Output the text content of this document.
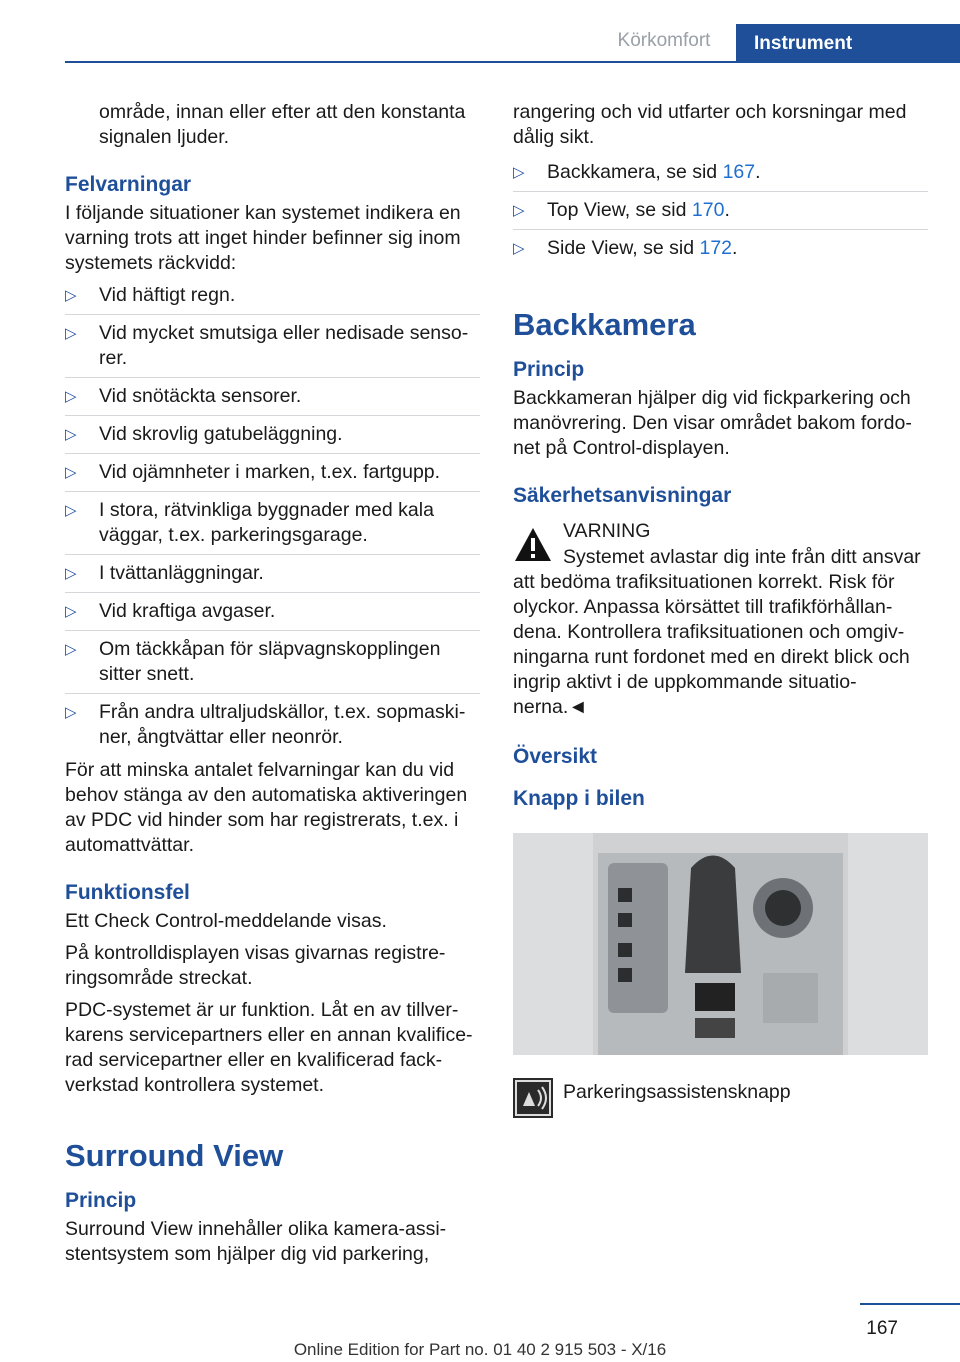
Körkomfort	Instrument

område, innan eller efter att den konstanta signalen ljuder.

Felvarningar

I följande situationer kan systemet indikera en varning trots att inget hinder befinner sig inom systemets räckvidd:

▷ Vid häftigt regn.
▷ Vid mycket smutsiga eller nedisade senso‐rer.
▷ Vid snötäckta sensorer.
▷ Vid skrovlig gatubeläggning.
▷ Vid ojämnheter i marken, t.ex. fartgupp.
▷ I stora, rätvinkliga byggnader med kala väggar, t.ex. parkeringsgarage.
▷ I tvättanläggningar.
▷ Vid kraftiga avgaser.
▷ Om täckkåpan för släpvagnskopplingen sitter snett.
▷ Från andra ultraljudskällor, t.ex. sopmaski‐ner, ångtvättar eller neonrör.

För att minska antalet felvarningar kan du vid behov stänga av den automatiska aktiveringen av PDC vid hinder som har registrerats, t.ex. i automattvättar.

Funktionsfel

Ett Check Control-meddelande visas.

På kontrolldisplayen visas givarnas registre‐ringsområde streckat.

PDC-systemet är ur funktion. Låt en av tillver‐karens servicepartners eller en annan kvalifice‐rad servicepartner eller en kvalificerad fack‐verkstad kontrollera systemet.

Surround View
Princip

Surround View innehåller olika kamera-assi‐stentsystem som hjälper dig vid parkering,

rangering och vid utfarter och korsningar med dålig sikt.

▷ Backkamera, se sid 167.
▷ Top View, se sid 170.
▷ Side View, se sid 172.
Backkamera
Princip

Backkameran hjälper dig vid fickparkering och manövrering. Den visar området bakom fordo‐net på Control-displayen.

Säkerhetsanvisningar
VARNING

Systemet avlastar dig inte från ditt ansvar att bedöma trafiksituationen korrekt. Risk för olyckor. Anpassa körsättet till trafikförhållan‐dena. Kontrollera trafiksituationen och omgiv‐ningarna runt fordonet med en direkt blick och ingrip aktivt i de uppkommande situatio‐nerna.◄

Översikt
Knapp i bilen
Parkeringsassistensknapp
167
Online Edition for Part no. 01 40 2 915 503 - X/16
